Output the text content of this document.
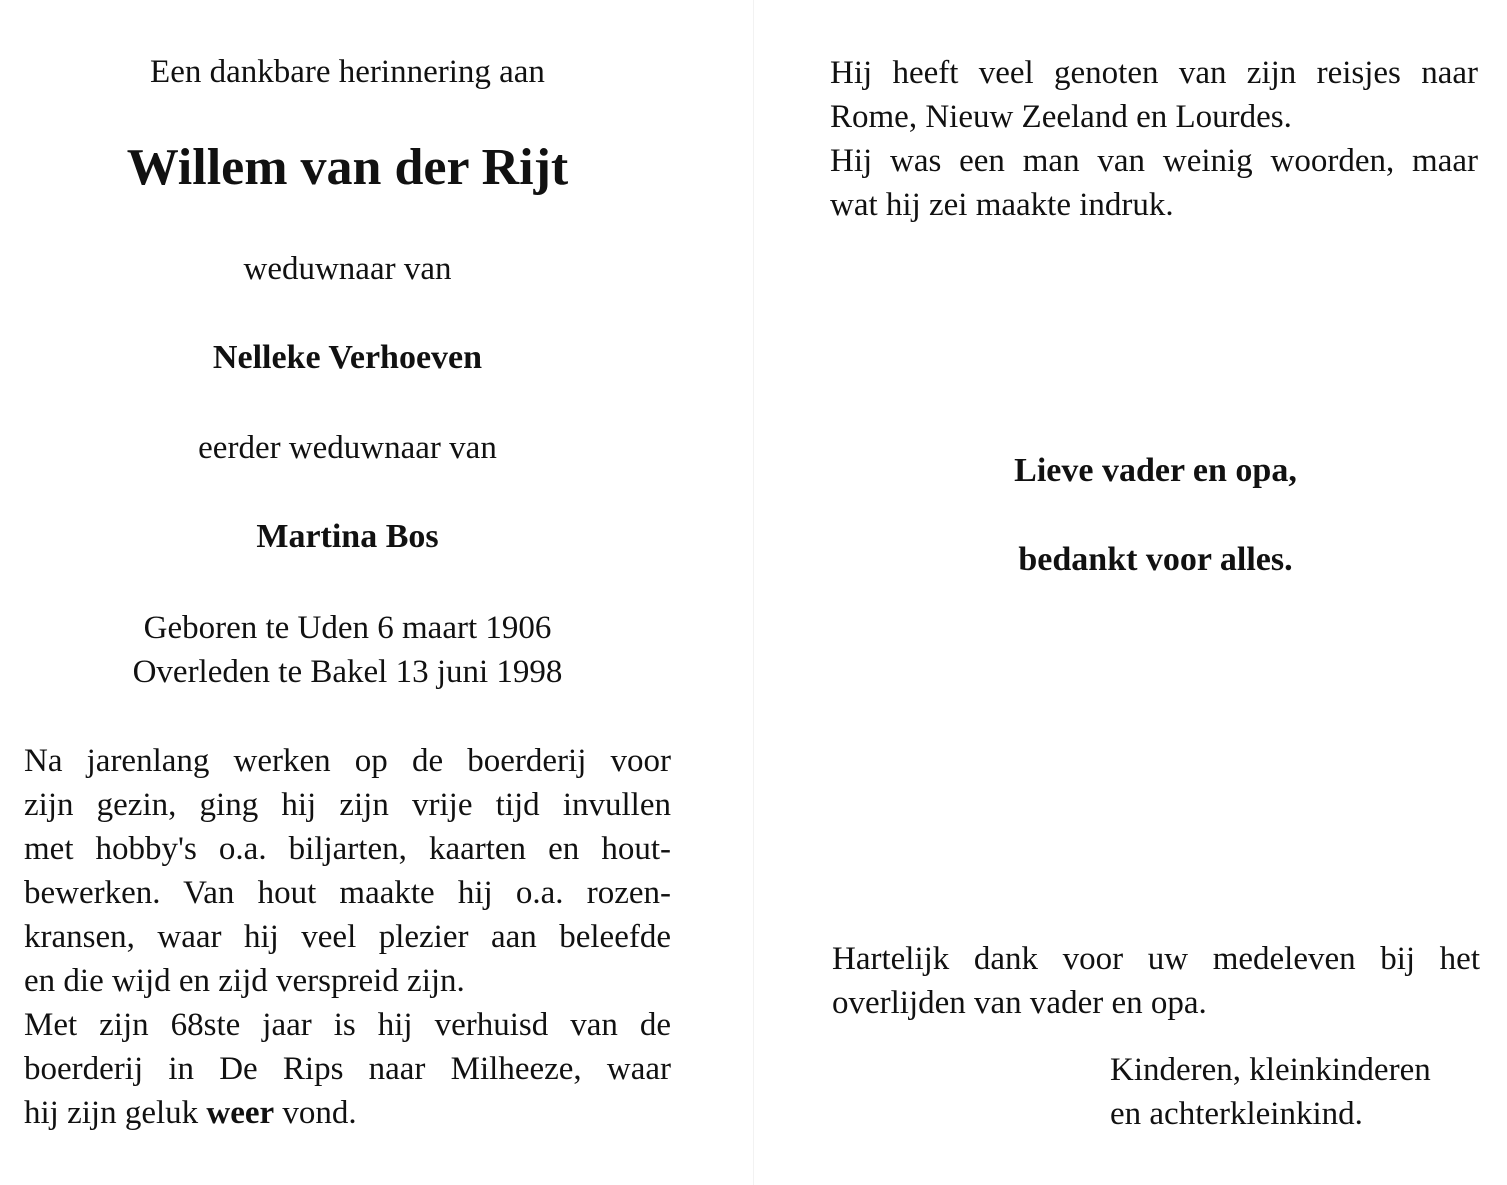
Een dankbare herinnering aan
Willem van der Rijt
weduwnaar van
Nelleke Verhoeven
eerder weduwnaar van
Martina Bos
Geboren te Uden 6 maart 1906
Overleden te Bakel 13 juni 1998
Na jarenlang werken op de boerderij voor
zijn gezin, ging hij zijn vrije tijd invullen
met hobby's o.a. biljarten, kaarten en hout-
bewerken. Van hout maakte hij o.a. rozen-
kransen, waar hij veel plezier aan beleefde
en die wijd en zijd verspreid zijn.
Met zijn 68ste jaar is hij verhuisd van de
boerderij in De Rips naar Milheeze, waar
hij zijn geluk weer vond.
Hij heeft veel genoten van zijn reisjes naar
Rome, Nieuw Zeeland en Lourdes.
Hij was een man van weinig woorden, maar
wat hij zei maakte indruk.
Lieve vader en opa,
bedankt voor alles.
Hartelijk dank voor uw medeleven bij het
overlijden van vader en opa.
Kinderen, kleinkinderen
en achterkleinkind.
